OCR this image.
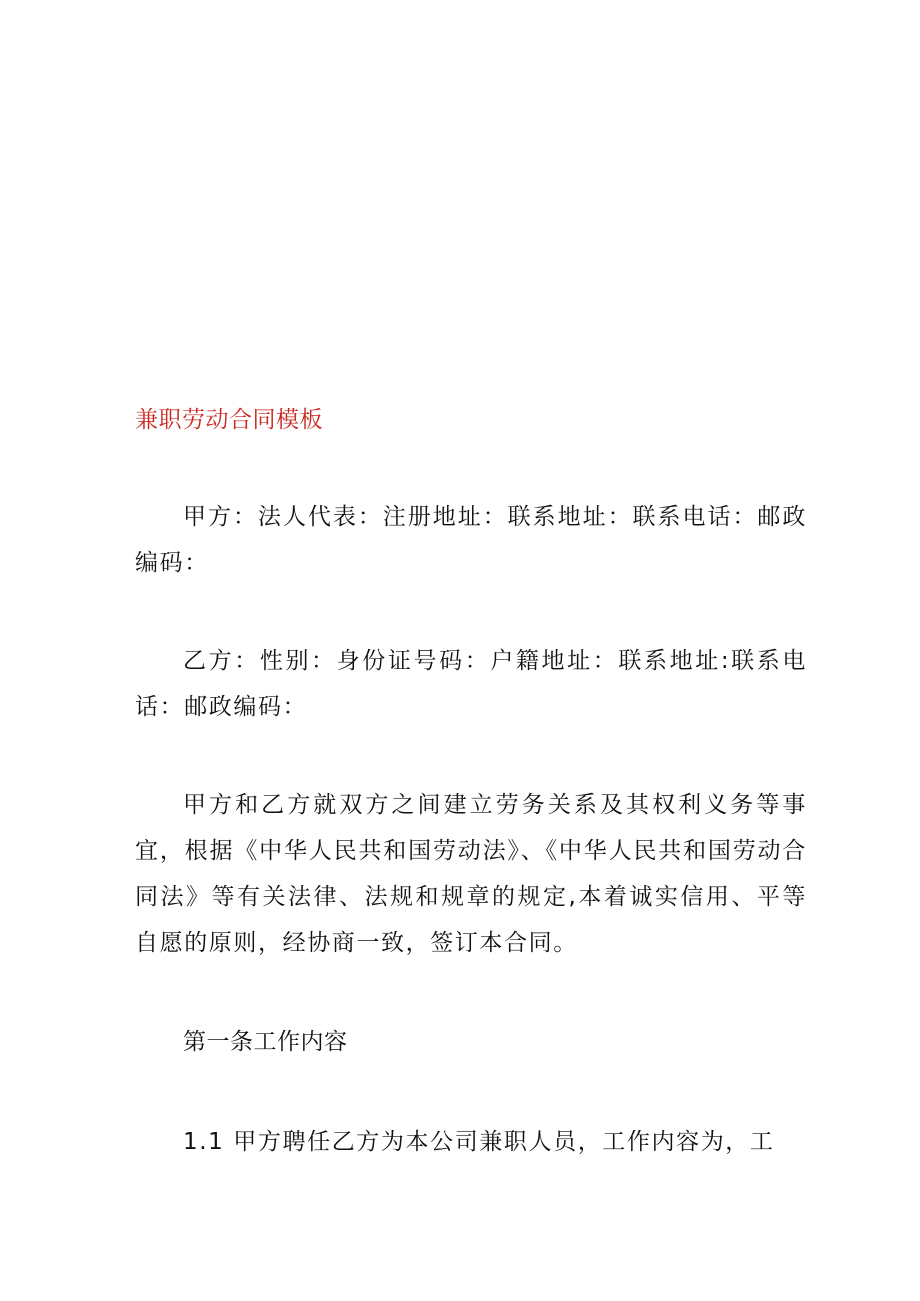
兼职劳动合同模板

甲方：法人代表：注册地址：联系地址：联系电话：邮政编码：

乙方：性别：身份证号码：户籍地址：联系地址:联系电话：邮政编码：

甲方和乙方就双方之间建立劳务关系及其权利义务等事宜，根据《中华人民共和国劳动法》、《中华人民共和国劳动合同法》等有关法律、法规和规章的规定,本着诚实信用、平等自愿的原则，经协商一致，签订本合同。

第一条工作内容
1.1 甲方聘任乙方为本公司兼职人员，工作内容为，工
